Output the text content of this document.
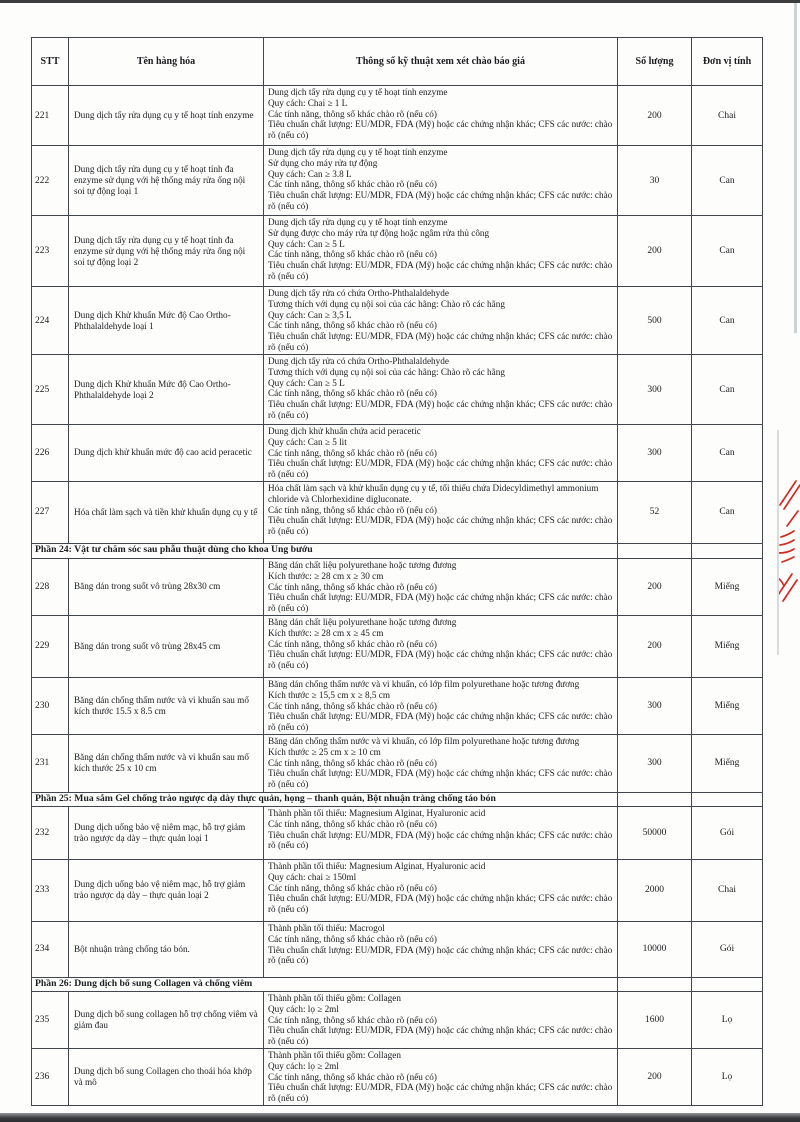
STT	Tên hàng hóa	Thông số kỹ thuật xem xét chào báo giá	Số lượng	Đơn vị tính
221	Dung dịch tẩy rửa dụng cụ y tế hoạt tính enzyme	Dung dịch tẩy rửa dụng cụ y tế hoạt tính enzyme
Quy cách: Chai ≥ 1 L
Các tính năng, thông số khác chào rõ (nếu có)
Tiêu chuẩn chất lượng: EU/MDR, FDA (Mỹ) hoặc các chứng nhận khác; CFS các nước: chào rõ (nếu có)	200	Chai
222	Dung dịch tẩy rửa dụng cụ y tế hoạt tính đa enzyme sử dụng với hệ thống máy rửa ống nội soi tự động loại 1	Dung dịch tẩy rửa dụng cụ y tế hoạt tính enzyme
Sử dụng cho máy rửa tự động
Quy cách: Can ≥ 3.8 L
Các tính năng, thông số khác chào rõ (nếu có)
Tiêu chuẩn chất lượng: EU/MDR, FDA (Mỹ) hoặc các chứng nhận khác; CFS các nước: chào rõ (nếu có)	30	Can
223	Dung dịch tẩy rửa dụng cụ y tế hoạt tính đa enzyme sử dụng với hệ thống máy rửa ống nội soi tự động loại 2	Dung dịch tẩy rửa dụng cụ y tế hoạt tính enzyme
Sử dụng được cho máy rửa tự động hoặc ngâm rửa thủ công
Quy cách: Can ≥ 5 L
Các tính năng, thông số khác chào rõ (nếu có)
Tiêu chuẩn chất lượng: EU/MDR, FDA (Mỹ) hoặc các chứng nhận khác; CFS các nước: chào rõ (nếu có)	200	Can
224	Dung dịch Khử khuẩn Mức độ Cao Ortho-Phthalaldehyde loại 1	Dung dịch tẩy rửa có chứa Ortho-Phthalaldehyde
Tương thích với dụng cụ nội soi của các hãng: Chào rõ các hãng
Quy cách: Can ≥ 3,5 L
Các tính năng, thông số khác chào rõ (nếu có)
Tiêu chuẩn chất lượng: EU/MDR, FDA (Mỹ) hoặc các chứng nhận khác; CFS các nước: chào rõ (nếu có)	500	Can
225	Dung dịch Khử khuẩn Mức độ Cao Ortho-Phthalaldehyde loại 2	Dung dịch tẩy rửa có chứa Ortho-Phthalaldehyde
Tương thích với dụng cụ nội soi của các hãng: Chào rõ các hãng
Quy cách: Can ≥ 5 L
Các tính năng, thông số khác chào rõ (nếu có)
Tiêu chuẩn chất lượng: EU/MDR, FDA (Mỹ) hoặc các chứng nhận khác; CFS các nước: chào rõ (nếu có)	300	Can
226	Dung dịch khử khuẩn mức độ cao acid peracetic	Dung dịch khử khuẩn chứa acid peracetic
Quy cách: Can ≥ 5 lit
Các tính năng, thông số khác chào rõ (nếu có)
Tiêu chuẩn chất lượng: EU/MDR, FDA (Mỹ) hoặc các chứng nhận khác; CFS các nước: chào rõ (nếu có)	300	Can
227	Hóa chất làm sạch và tiền khử khuẩn dụng cụ y tế	Hóa chất làm sạch và khử khuẩn dụng cụ y tế, tối thiểu chứa Didecyldimethyl ammonium chloride và Chlorhexidine digluconate.
Các tính năng, thông số khác chào rõ (nếu có)
Tiêu chuẩn chất lượng: EU/MDR, FDA (Mỹ) hoặc các chứng nhận khác; CFS các nước: chào rõ (nếu có)	52	Can
Phần 24: Vật tư chăm sóc sau phẫu thuật dùng cho khoa Ung bướu				
228	Băng dán trong suốt vô trùng 28x30 cm	Băng dán chất liệu polyurethane hoặc tương đương
Kích thước: ≥ 28 cm x ≥ 30 cm
Các tính năng, thông số khác chào rõ (nếu có)
Tiêu chuẩn chất lượng: EU/MDR, FDA (Mỹ) hoặc các chứng nhận khác; CFS các nước: chào rõ (nếu có)	200	Miếng
229	Băng dán trong suốt vô trùng 28x45 cm	Băng dán chất liệu polyurethane hoặc tương đương
Kích thước: ≥ 28 cm x ≥ 45 cm
Các tính năng, thông số khác chào rõ (nếu có)
Tiêu chuẩn chất lượng: EU/MDR, FDA (Mỹ) hoặc các chứng nhận khác; CFS các nước: chào rõ (nếu có)	200	Miếng
230	Băng dán chống thấm nước và vi khuẩn sau mổ kích thước 15.5 x 8.5 cm	Băng dán chống thấm nước và vi khuẩn, có lớp film polyurethane hoặc tương đương
Kích thước ≥ 15,5 cm x ≥ 8,5 cm
Các tính năng, thông số khác chào rõ (nếu có)
Tiêu chuẩn chất lượng: EU/MDR, FDA (Mỹ) hoặc các chứng nhận khác; CFS các nước: chào rõ (nếu có)	300	Miếng
231	Băng dán chống thấm nước và vi khuẩn sau mổ kích thước 25 x 10 cm	Băng dán chống thấm nước và vi khuẩn, có lớp film polyurethane hoặc tương đương
Kích thước ≥ 25 cm x ≥ 10 cm
Các tính năng, thông số khác chào rõ (nếu có)
Tiêu chuẩn chất lượng: EU/MDR, FDA (Mỹ) hoặc các chứng nhận khác; CFS các nước: chào rõ (nếu có)	300	Miếng
Phần 25: Mua sắm Gel chống trào ngược dạ dày thực quản, họng – thanh quản, Bột nhuận tràng chống táo bón				
232	Dung dịch uống bảo vệ niêm mạc, hỗ trợ giảm trào ngược dạ dày – thực quản loại 1	Thành phần tối thiểu: Magnesium Alginat, Hyaluronic acid
Các tính năng, thông số khác chào rõ (nếu có)
Tiêu chuẩn chất lượng: EU/MDR, FDA (Mỹ) hoặc các chứng nhận khác; CFS các nước: chào rõ (nếu có)	50000	Gói
233	Dung dịch uống bảo vệ niêm mạc, hỗ trợ giảm trào ngược dạ dày – thực quản loại 2	Thành phần tối thiểu: Magnesium Alginat, Hyaluronic acid
Quy cách: chai ≥ 150ml
Các tính năng, thông số khác chào rõ (nếu có)
Tiêu chuẩn chất lượng: EU/MDR, FDA (Mỹ) hoặc các chứng nhận khác; CFS các nước: chào rõ (nếu có)	2000	Chai
234	Bột nhuận tràng chống táo bón.	Thành phần tối thiểu: Macrogol
Các tính năng, thông số khác chào rõ (nếu có)
Tiêu chuẩn chất lượng: EU/MDR, FDA (Mỹ) hoặc các chứng nhận khác; CFS các nước: chào rõ (nếu có)	10000	Gói
Phần 26: Dung dịch bổ sung Collagen và chống viêm				
235	Dung dịch bổ sung collagen hỗ trợ chống viêm và giảm đau	Thành phần tối thiểu gồm: Collagen
Quy cách: lọ ≥ 2ml
Các tính năng, thông số khác chào rõ (nếu có)
Tiêu chuẩn chất lượng: EU/MDR, FDA (Mỹ) hoặc các chứng nhận khác; CFS các nước: chào rõ (nếu có)	1600	Lọ
236	Dung dịch bổ sung Collagen cho thoái hóa khớp và mô	Thành phần tối thiểu gồm: Collagen
Quy cách: lọ ≥ 2ml
Các tính năng, thông số khác chào rõ (nếu có)
Tiêu chuẩn chất lượng: EU/MDR, FDA (Mỹ) hoặc các chứng nhận khác; CFS các nước: chào rõ (nếu có)	200	Lọ
